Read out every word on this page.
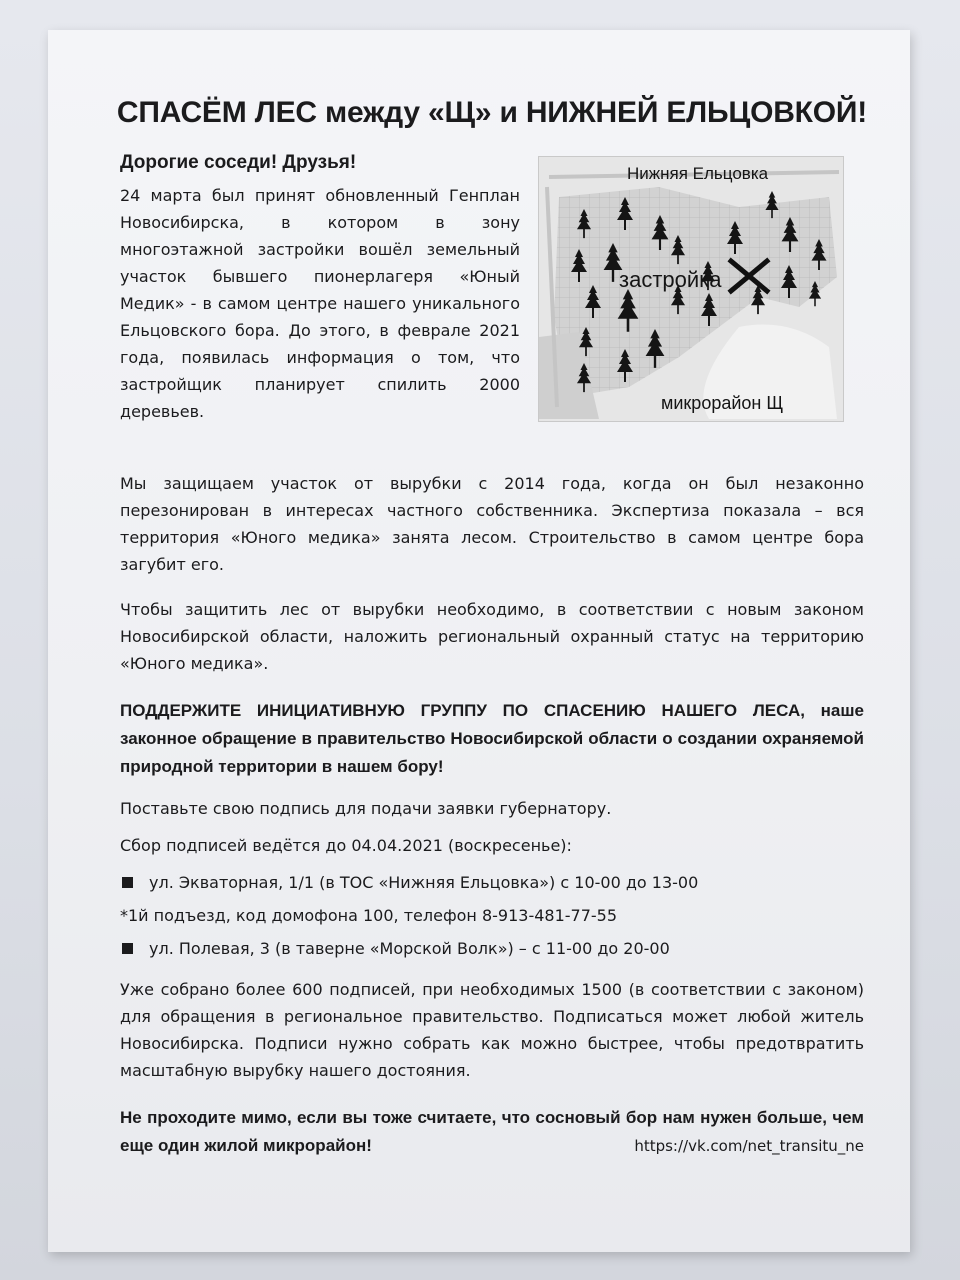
СПАСЁМ ЛЕС между «Щ» и НИЖНЕЙ ЕЛЬЦОВКОЙ!
Дорогие соседи! Друзья!

24 марта был принят обновленный Генплан Новосибирска, в котором в зону многоэтажной застройки вошёл земельный участок бывшего пионерлагеря «Юный Медик» - в самом центре нашего уникального Ельцовского бора. До этого, в феврале 2021 года, появилась информация о том, что застройщик планирует спилить 2000 деревьев.

Нижняя Ельцовка
застройка
микрорайон Щ

Мы защищаем участок от вырубки с 2014 года, когда он был незаконно перезонирован в интересах частного собственника. Экспертиза показала – вся территория «Юного медика» занята лесом. Строительство в самом центре бора загубит его.

Чтобы защитить лес от вырубки необходимо, в соответствии с новым законом Новосибирской области, наложить региональный охранный статус на территорию «Юного медика».

ПОДДЕРЖИТЕ ИНИЦИАТИВНУЮ ГРУППУ ПО СПАСЕНИЮ НАШЕГО ЛЕСА, наше законное обращение в правительство Новосибирской области о создании охраняемой природной территории в нашем бору!
Поставьте свою подпись для подачи заявки губернатору.
Сбор подписей ведётся до 04.04.2021 (воскресенье):
ул. Экваторная, 1/1 (в ТОС «Нижняя Ельцовка») с 10-00 до 13-00
*1й подъезд, код домофона 100, телефон 8-913-481-77-55
ул. Полевая, 3 (в таверне «Морской Волк») – с 11-00 до 20-00

Уже собрано более 600 подписей, при необходимых 1500 (в соответствии с законом) для обращения в региональное правительство. Подписаться может любой житель Новосибирска. Подписи нужно собрать как можно быстрее, чтобы предотвратить масштабную вырубку нашего достояния.

Не проходите мимо, если вы тоже считаете, что сосновый бор нам нужен больше, чем еще один жилой микрорайон!	https://vk.com/net_transitu_ne
